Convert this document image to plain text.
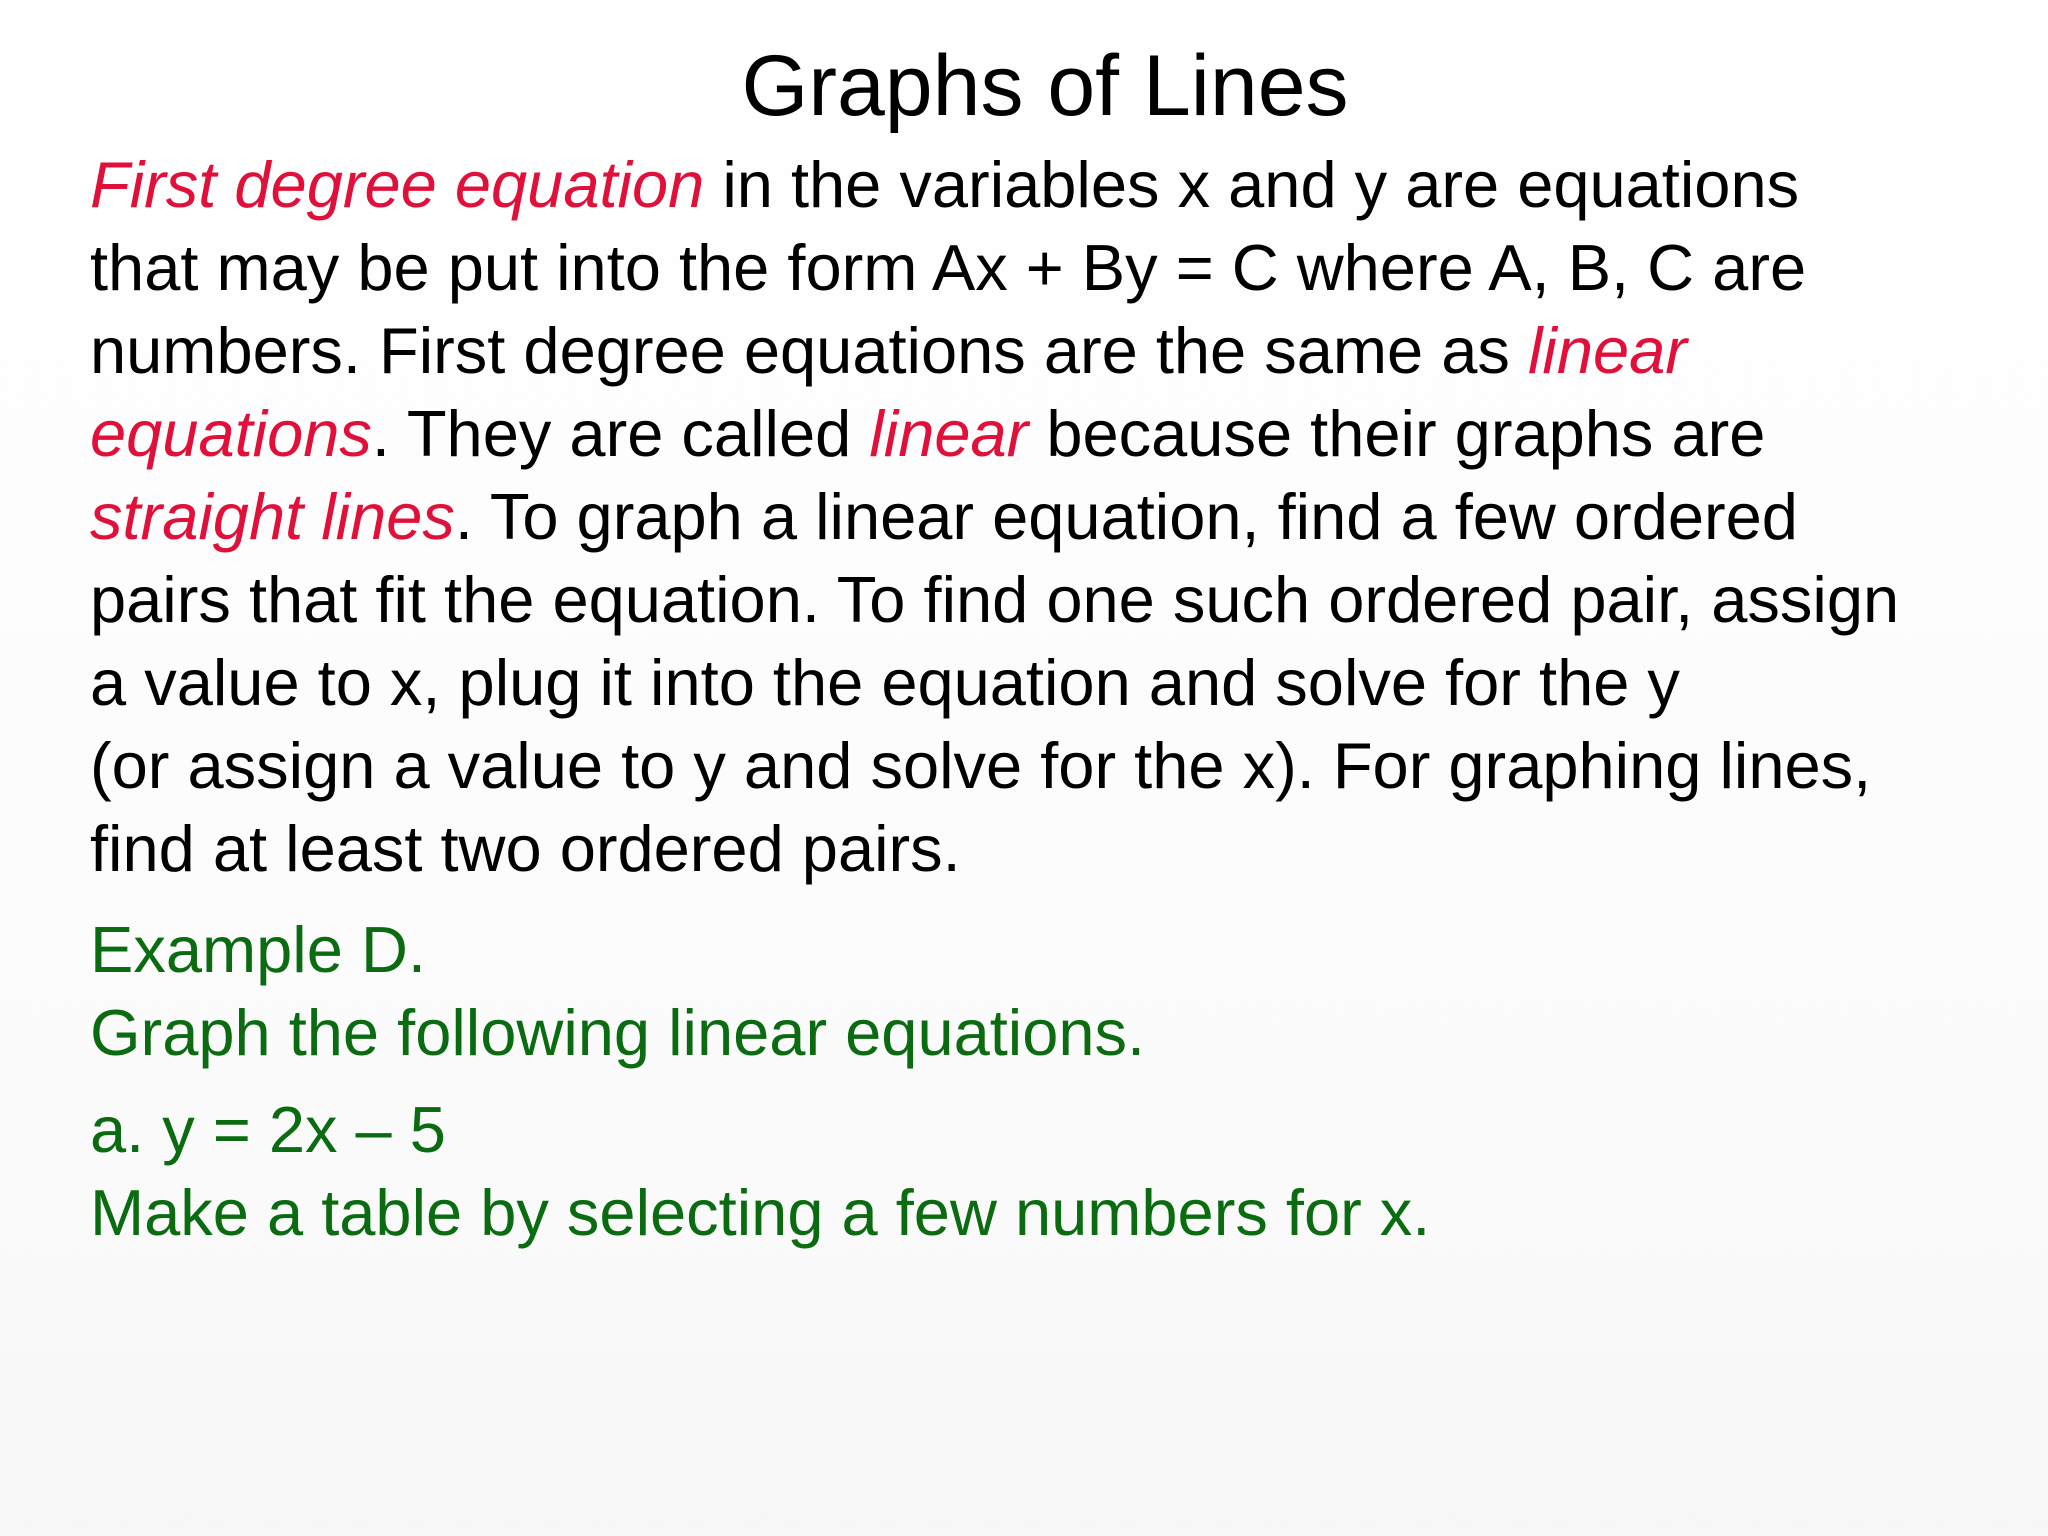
Graphs of Lines
First degree equation in the variables x and y are equations
that may be put into the form Ax + By = C where A, B, C are
numbers. First degree equations are the same as linear
equations. They are called linear because their graphs are
straight lines. To graph a linear equation, find a few ordered
pairs that fit the equation. To find one such ordered pair, assign
a value to x, plug it into the equation and solve for the y
(or assign a value to y and solve for the x). For graphing lines,
find at least two ordered pairs.
Example D.
Graph the following linear equations.
a. y = 2x – 5
Make a table by selecting a few numbers for x.
